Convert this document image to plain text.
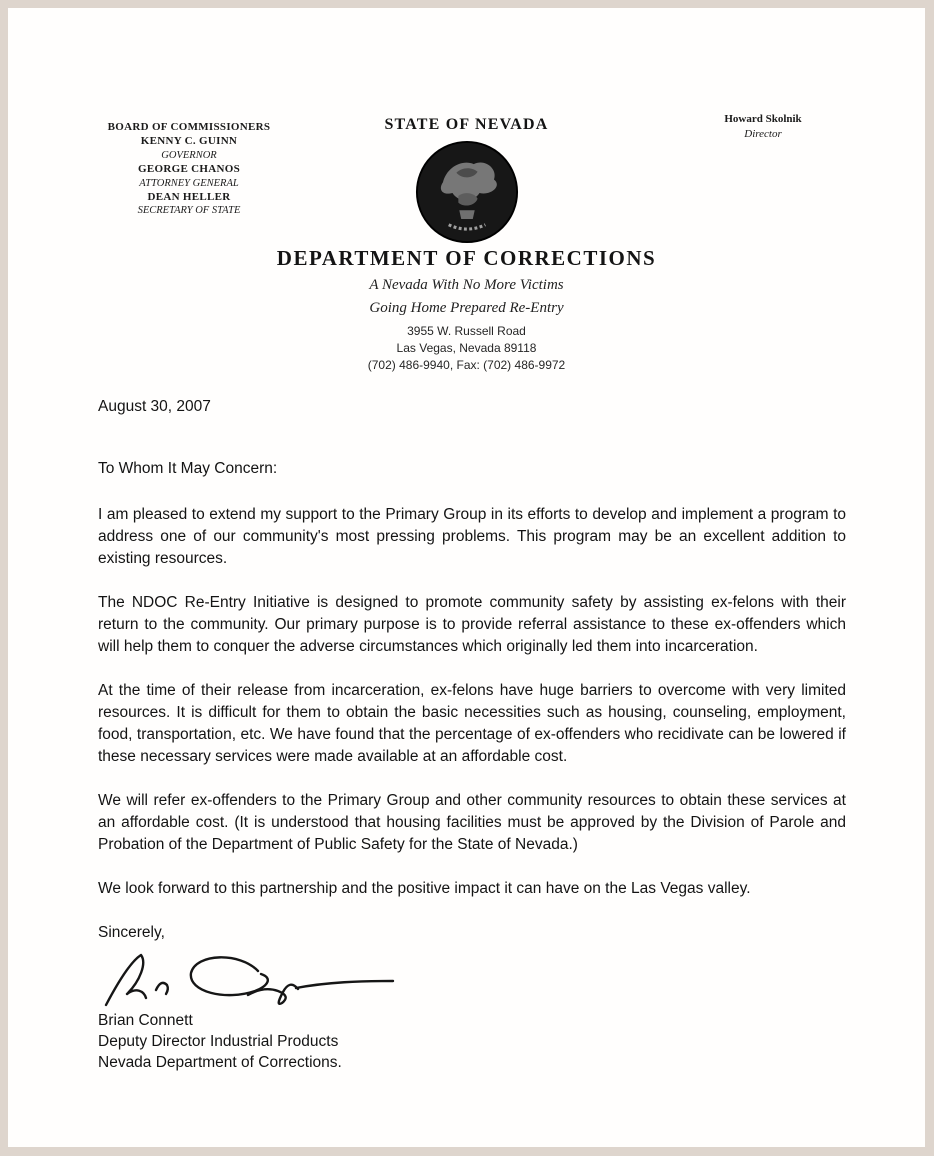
BOARD OF COMMISSIONERS
KENNY C. GUINN
GOVERNOR
GEORGE CHANOS
ATTORNEY GENERAL
DEAN HELLER
SECRETARY OF STATE
Howard Skolnik
Director
STATE OF NEVADA
DEPARTMENT OF CORRECTIONS
A Nevada With No More Victims
Going Home Prepared Re-Entry
3955 W. Russell Road
Las Vegas, Nevada 89118
(702) 486-9940, Fax: (702) 486-9972

August 30, 2007

To Whom It May Concern:

I am pleased to extend my support to the Primary Group in its efforts to develop and implement a program to address one of our community's most pressing problems. This program may be an excellent addition to existing resources.

The NDOC Re-Entry Initiative is designed to promote community safety by assisting ex-felons with their return to the community. Our primary purpose is to provide referral assistance to these ex-offenders which will help them to conquer the adverse circumstances which originally led them into incarceration.

At the time of their release from incarceration, ex-felons have huge barriers to overcome with very limited resources. It is difficult for them to obtain the basic necessities such as housing, counseling, employment, food, transportation, etc. We have found that the percentage of ex-offenders who recidivate can be lowered if these necessary services were made available at an affordable cost.

We will refer ex-offenders to the Primary Group and other community resources to obtain these services at an affordable cost. (It is understood that housing facilities must be approved by the Division of Parole and Probation of the Department of Public Safety for the State of Nevada.)

We look forward to this partnership and the positive impact it can have on the Las Vegas valley.

Sincerely,

Brian Connett
Deputy Director Industrial Products
Nevada Department of Corrections.
